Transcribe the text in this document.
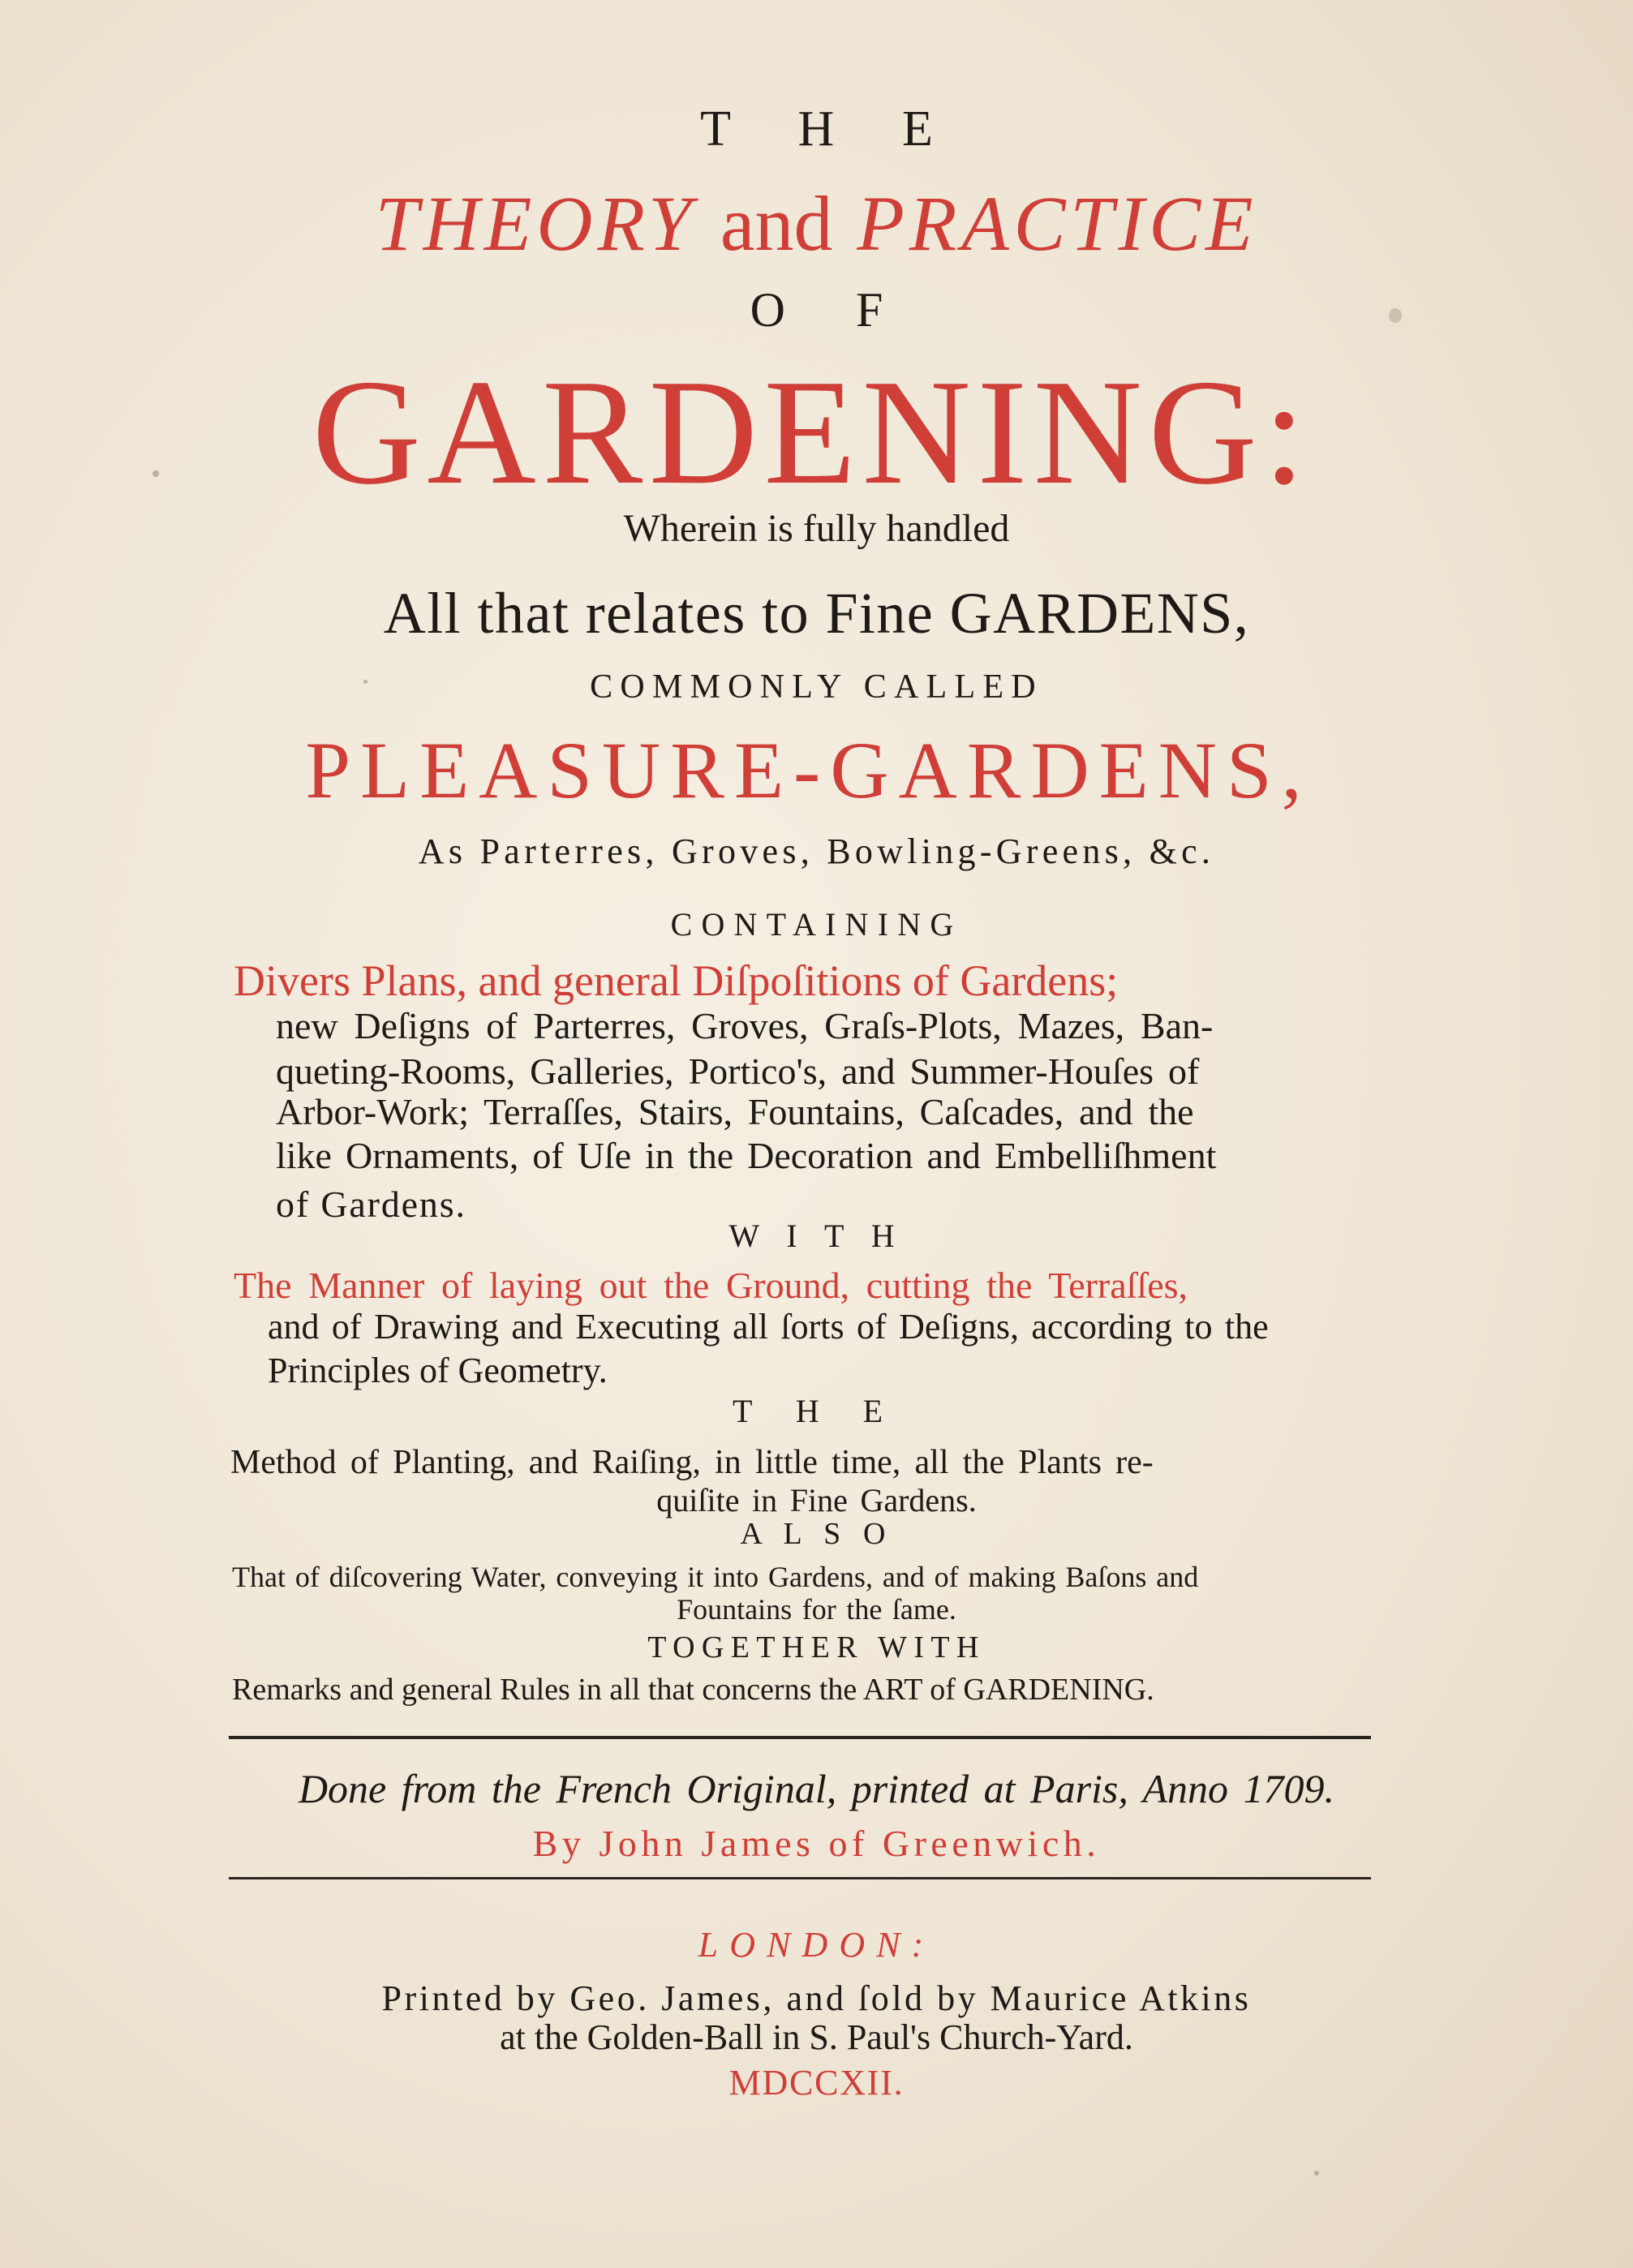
T H E
THEORY and PRACTICE
O F
GARDENING:
Wherein is fully handled
All that relates to Fine GARDENS,
COMMONLY CALLED
PLEASURE-GARDENS,
As Parterres, Groves, Bowling-Greens, &c.
CONTAINING
Divers Plans, and general Diſpoſitions of Gardens;
new Deſigns of Parterres, Groves, Graſs-Plots, Mazes, Ban-
queting-Rooms, Galleries, Portico's, and Summer-Houſes of
Arbor-Work; Terraſſes, Stairs, Fountains, Caſcades, and the
like Ornaments, of Uſe in the Decoration and Embelliſhment
of Gardens.
W I T H
The Manner of laying out the Ground, cutting the Terraſſes,
and of Drawing and Executing all ſorts of Deſigns, according to the
Principles of Geometry.
T H E
Method of Planting, and Raiſing, in little time, all the Plants re-
quiſite in Fine Gardens.
A L S O
That of diſcovering Water, conveying it into Gardens, and of making Baſons and
Fountains for the ſame.
TOGETHER WITH
Remarks and general Rules in all that concerns the ART of GARDENING.
Done from the French Original, printed at Paris, Anno 1709.
By John James of Greenwich.
LONDON:
Printed by Geo. James, and ſold by Maurice Atkins
at the Golden-Ball in S. Paul's Church-Yard.
MDCCXII.
